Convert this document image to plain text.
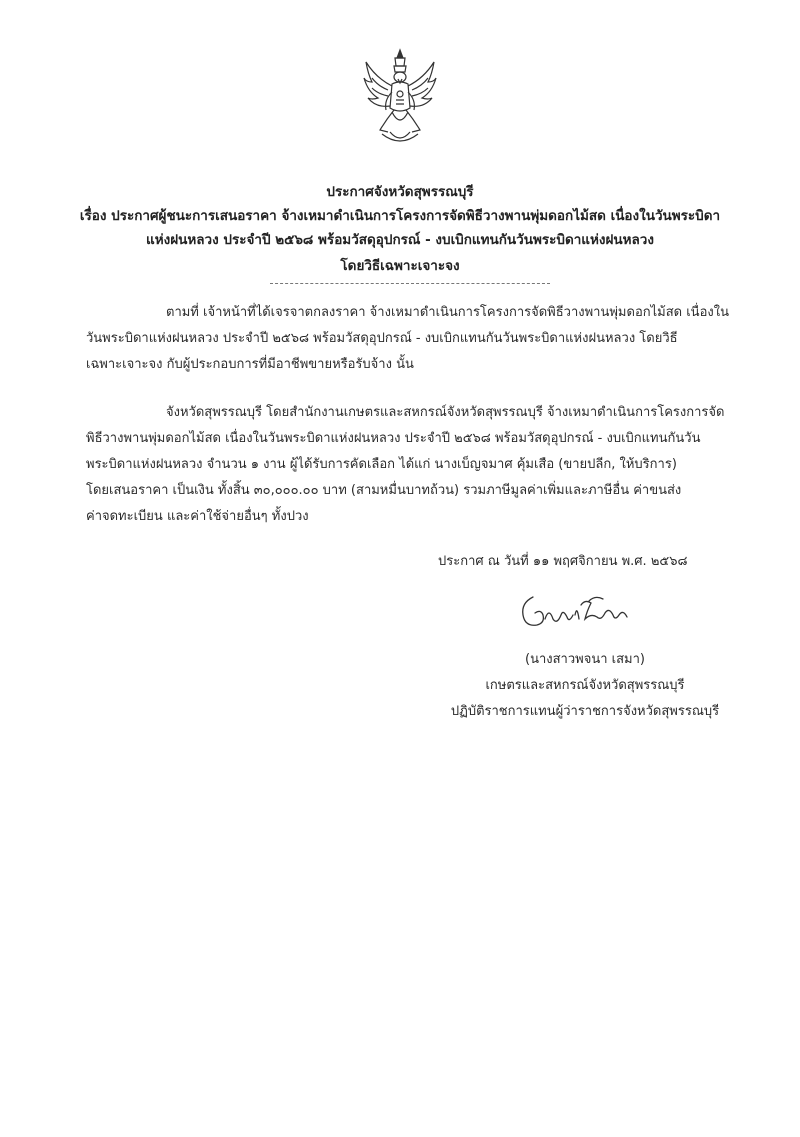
ประกาศจังหวัดสุพรรณบุรี
เรื่อง ประกาศผู้ชนะการเสนอราคา จ้างเหมาดำเนินการโครงการจัดพิธีวางพานพุ่มดอกไม้สด เนื่องในวันพระบิดา
แห่งฝนหลวง ประจำปี ๒๕๖๘ พร้อมวัสดุอุปกรณ์ - งบเบิกแทนกันวันพระบิดาแห่งฝนหลวง
โดยวิธีเฉพาะเจาะจง
ตามที่ เจ้าหน้าที่ได้เจรจาตกลงราคา จ้างเหมาดำเนินการโครงการจัดพิธีวางพานพุ่มดอกไม้สด เนื่องใน
วันพระบิดาแห่งฝนหลวง ประจำปี ๒๕๖๘ พร้อมวัสดุอุปกรณ์ - งบเบิกแทนกันวันพระบิดาแห่งฝนหลวง โดยวิธี
เฉพาะเจาะจง กับผู้ประกอบการที่มีอาชีพขายหรือรับจ้าง นั้น
จังหวัดสุพรรณบุรี โดยสำนักงานเกษตรและสหกรณ์จังหวัดสุพรรณบุรี จ้างเหมาดำเนินการโครงการจัด
พิธีวางพานพุ่มดอกไม้สด เนื่องในวันพระบิดาแห่งฝนหลวง ประจำปี ๒๕๖๘ พร้อมวัสดุอุปกรณ์ - งบเบิกแทนกันวัน
พระบิดาแห่งฝนหลวง จำนวน ๑ งาน ผู้ได้รับการคัดเลือก ได้แก่ นางเบ็ญจมาศ คุ้มเสือ (ขายปลีก, ให้บริการ)
โดยเสนอราคา เป็นเงิน ทั้งสิ้น ๓๐,๐๐๐.๐๐ บาท (สามหมื่นบาทถ้วน) รวมภาษีมูลค่าเพิ่มและภาษีอื่น ค่าขนส่ง
ค่าจดทะเบียน และค่าใช้จ่ายอื่นๆ ทั้งปวง
ประกาศ ณ วันที่ ๑๑ พฤศจิกายน พ.ศ. ๒๕๖๘
(นางสาวพจนา เสมา)
เกษตรและสหกรณ์จังหวัดสุพรรณบุรี
ปฏิบัติราชการแทนผู้ว่าราชการจังหวัดสุพรรณบุรี
